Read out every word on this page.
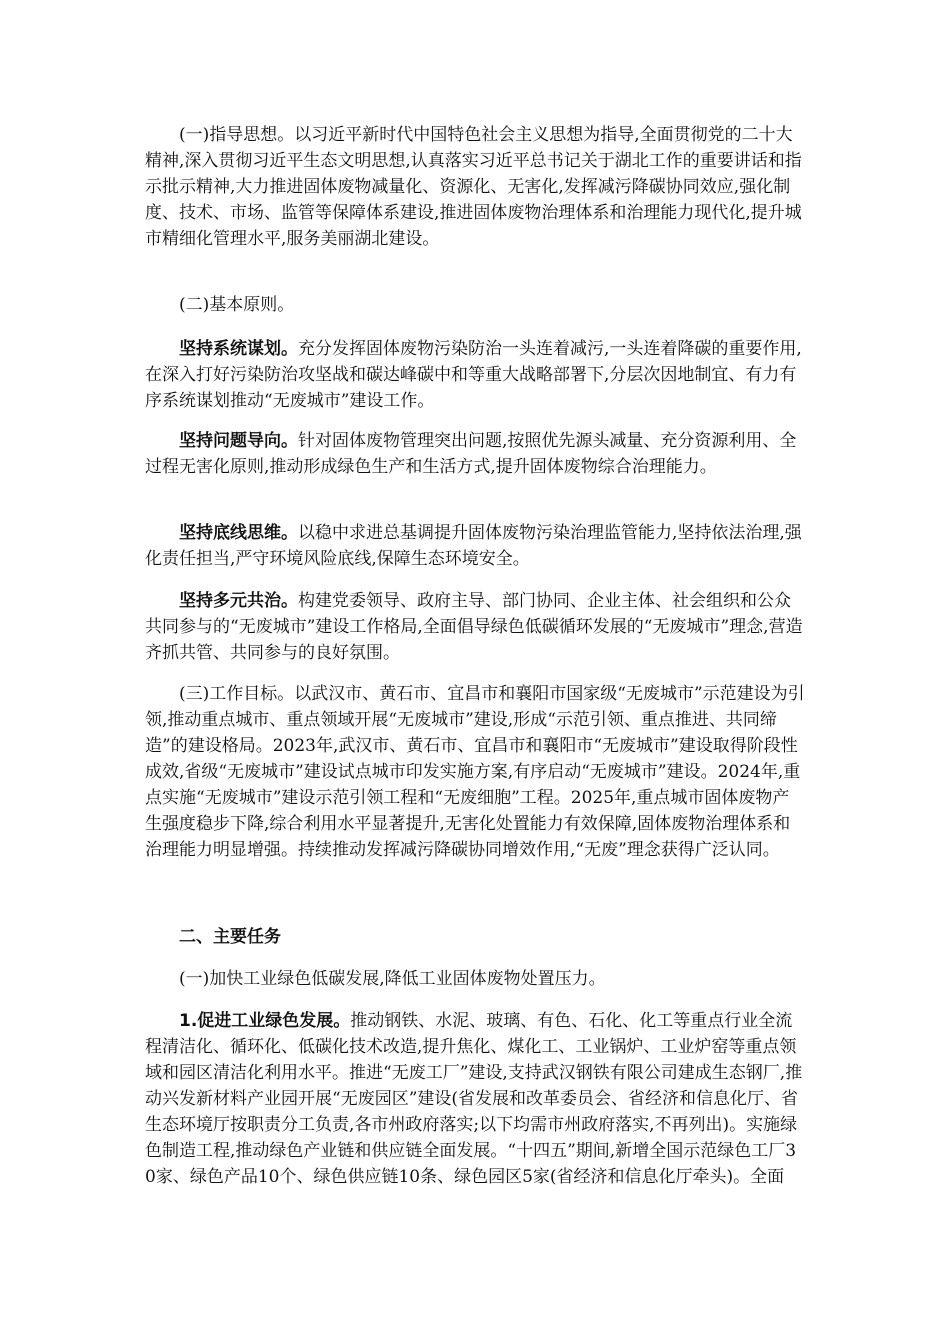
(一)指导思想。以习近平新时代中国特色社会主义思想为指导,全面贯彻党的二十大精神,深入贯彻习近平生态文明思想,认真落实习近平总书记关于湖北工作的重要讲话和指示批示精神,大力推进固体废物减量化、资源化、无害化,发挥减污降碳协同效应,强化制度、技术、市场、监管等保障体系建设,推进固体废物治理体系和治理能力现代化,提升城市精细化管理水平,服务美丽湖北建设。

(二)基本原则。

坚持系统谋划。充分发挥固体废物污染防治一头连着减污,一头连着降碳的重要作用,在深入打好污染防治攻坚战和碳达峰碳中和等重大战略部署下,分层次因地制宜、有力有序系统谋划推动“无废城市”建设工作。

坚持问题导向。针对固体废物管理突出问题,按照优先源头减量、充分资源利用、全过程无害化原则,推动形成绿色生产和生活方式,提升固体废物综合治理能力。

坚持底线思维。以稳中求进总基调提升固体废物污染治理监管能力,坚持依法治理,强化责任担当,严守环境风险底线,保障生态环境安全。

坚持多元共治。构建党委领导、政府主导、部门协同、企业主体、社会组织和公众共同参与的“无废城市”建设工作格局,全面倡导绿色低碳循环发展的“无废城市”理念,营造齐抓共管、共同参与的良好氛围。

(三)工作目标。以武汉市、黄石市、宜昌市和襄阳市国家级“无废城市”示范建设为引领,推动重点城市、重点领域开展“无废城市”建设,形成“示范引领、重点推进、共同缔造”的建设格局。2023年,武汉市、黄石市、宜昌市和襄阳市“无废城市”建设取得阶段性成效,省级“无废城市”建设试点城市印发实施方案,有序启动“无废城市”建设。2024年,重点实施“无废城市”建设示范引领工程和“无废细胞”工程。2025年,重点城市固体废物产生强度稳步下降,综合利用水平显著提升,无害化处置能力有效保障,固体废物治理体系和治理能力明显增强。持续推动发挥减污降碳协同增效作用,“无废”理念获得广泛认同。

二、主要任务

(一)加快工业绿色低碳发展,降低工业固体废物处置压力。

1.促进工业绿色发展。推动钢铁、水泥、玻璃、有色、石化、化工等重点行业全流程清洁化、循环化、低碳化技术改造,提升焦化、煤化工、工业锅炉、工业炉窑等重点领域和园区清洁化利用水平。推进“无废工厂”建设,支持武汉钢铁有限公司建成生态钢厂,推动兴发新材料产业园开展“无废园区”建设(省发展和改革委员会、省经济和信息化厅、省生态环境厅按职责分工负责,各市州政府落实;以下均需市州政府落实,不再列出)。实施绿色制造工程,推动绿色产业链和供应链全面发展。“十四五”期间,新增全国示范绿色工厂30家、绿色产品10个、绿色供应链10条、绿色园区5家(省经济和信息化厅牵头)。全面
